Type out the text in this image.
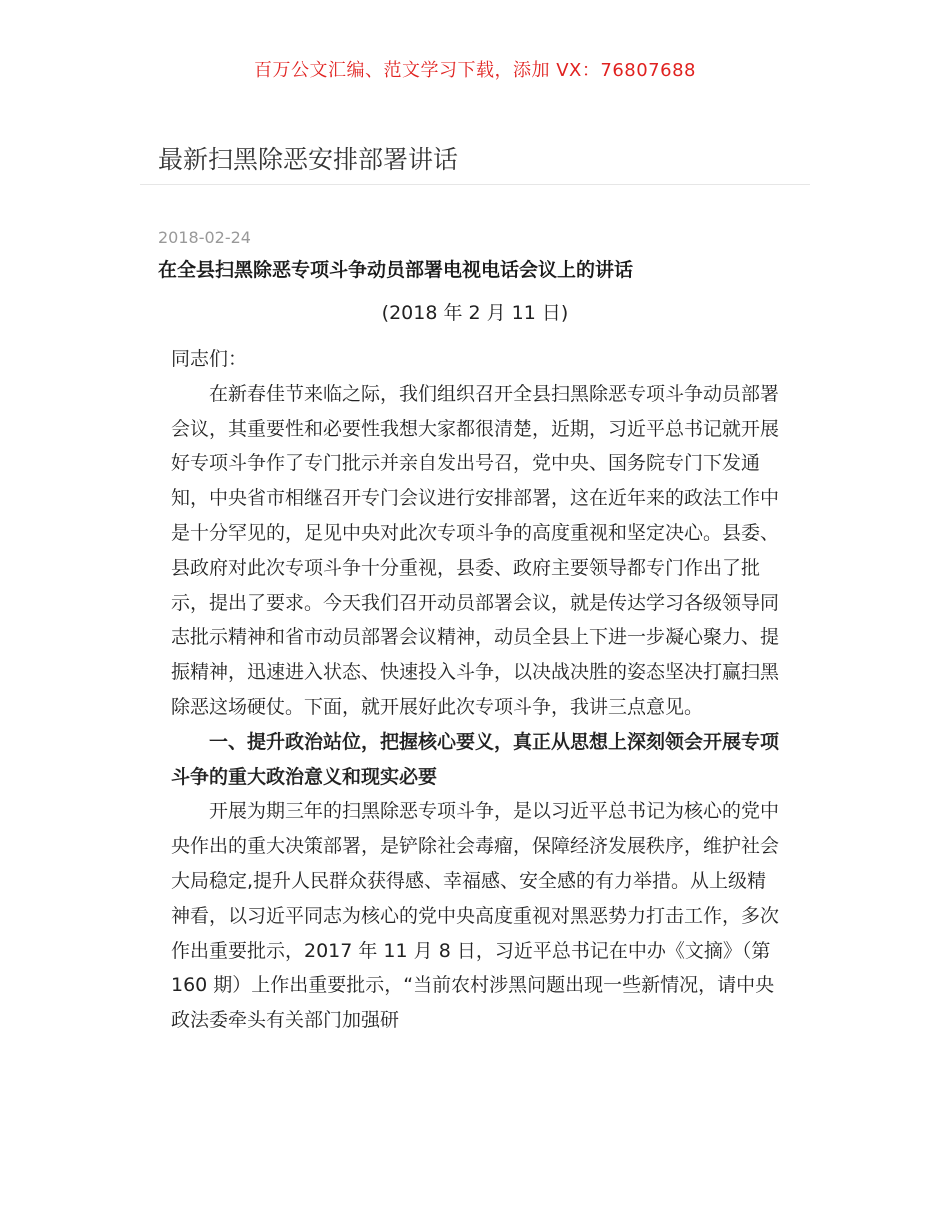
百万公文汇编、范文学习下载，添加 VX：76807688
最新扫黑除恶安排部署讲话
2018-02-24
在全县扫黑除恶专项斗争动员部署电视电话会议上的讲话
(2018 年 2 月 11 日)

同志们：

在新春佳节来临之际，我们组织召开全县扫黑除恶专项斗争动员部署会议，其重要性和必要性我想大家都很清楚，近期，习近平总书记就开展好专项斗争作了专门批示并亲自发出号召，党中央、国务院专门下发通知，中央省市相继召开专门会议进行安排部署，这在近年来的政法工作中是十分罕见的，足见中央对此次专项斗争的高度重视和坚定决心。县委、县政府对此次专项斗争十分重视，县委、政府主要领导都专门作出了批示，提出了要求。今天我们召开动员部署会议，就是传达学习各级领导同志批示精神和省市动员部署会议精神，动员全县上下进一步凝心聚力、提振精神，迅速进入状态、快速投入斗争，以决战决胜的姿态坚决打赢扫黑除恶这场硬仗。下面，就开展好此次专项斗争，我讲三点意见。

一、提升政治站位，把握核心要义，真正从思想上深刻领会开展专项斗争的重大政治意义和现实必要

开展为期三年的扫黑除恶专项斗争，是以习近平总书记为核心的党中央作出的重大决策部署，是铲除社会毒瘤，保障经济发展秩序，维护社会大局稳定,提升人民群众获得感、幸福感、安全感的有力举措。从上级精神看，以习近平同志为核心的党中央高度重视对黑恶势力打击工作，多次作出重要批示，2017 年 11 月 8 日，习近平总书记在中办《文摘》（第 160 期）上作出重要批示，“当前农村涉黑问题出现一些新情况，请中央政法委牵头有关部门加强研
